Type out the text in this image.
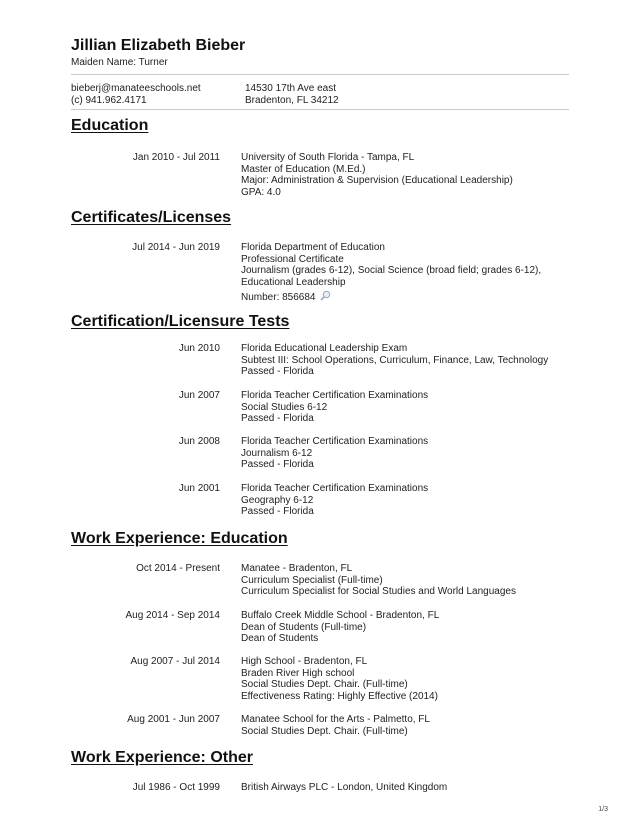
Jillian Elizabeth Bieber
Maiden Name: Turner
bieberj@manateeschools.net
(c) 941.962.4171
14530 17th Ave east
Bradenton, FL 34212
Education
Jan 2010 - Jul 2011 University of South Florida - Tampa, FL
Master of Education (M.Ed.)
Major: Administration & Supervision (Educational Leadership)
GPA: 4.0
Certificates/Licenses
Jul 2014 - Jun 2019 Florida Department of Education
Professional Certificate
Journalism (grades 6-12), Social Science (broad field; grades 6-12),
Educational Leadership
Number: 856684
Certification/Licensure Tests
Jun 2010 Florida Educational Leadership Exam
Subtest III: School Operations, Curriculum, Finance, Law, Technology
Passed - Florida
Jun 2007 Florida Teacher Certification Examinations
Social Studies 6-12
Passed - Florida
Jun 2008 Florida Teacher Certification Examinations
Journalism 6-12
Passed - Florida
Jun 2001 Florida Teacher Certification Examinations
Geography 6-12
Passed - Florida
Work Experience: Education
Oct 2014 - Present Manatee - Bradenton, FL
Curriculum Specialist (Full-time)
Curriculum Specialist for Social Studies and World Languages
Aug 2014 - Sep 2014 Buffalo Creek Middle School - Bradenton, FL
Dean of Students (Full-time)
Dean of Students
Aug 2007 - Jul 2014 High School - Bradenton, FL
Braden River High school
Social Studies Dept. Chair. (Full-time)
Effectiveness Rating: Highly Effective (2014)
Aug 2001 - Jun 2007 Manatee School for the Arts - Palmetto, FL
Social Studies Dept. Chair. (Full-time)
Work Experience: Other
Jul 1986 - Oct 1999 British Airways PLC - London, United Kingdom
1/3
